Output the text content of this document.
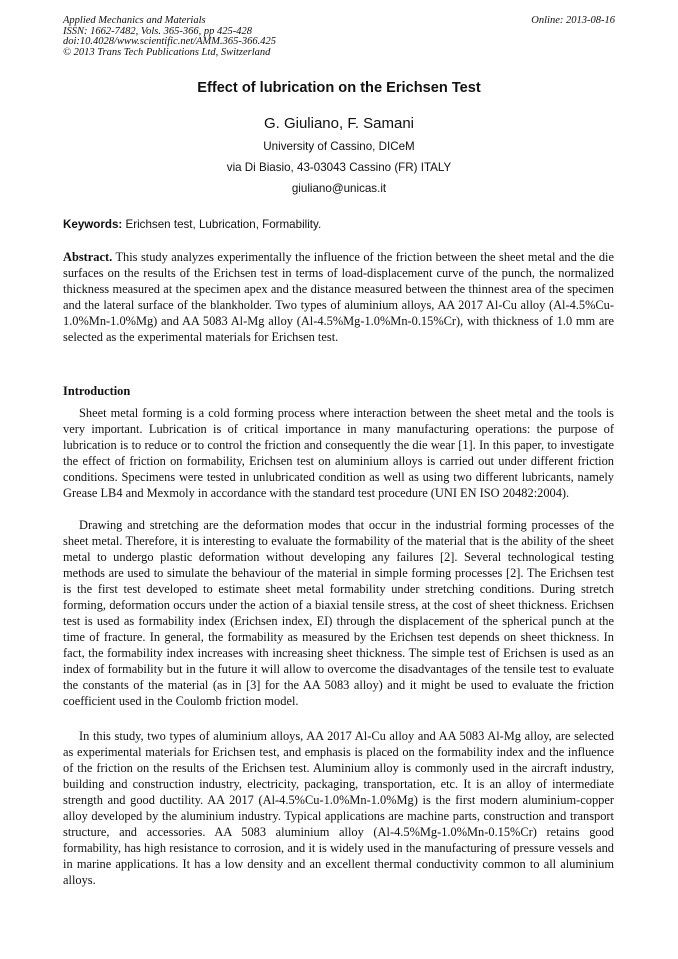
Applied Mechanics and Materials
ISSN: 1662-7482, Vols. 365-366, pp 425-428
doi:10.4028/www.scientific.net/AMM.365-366.425
© 2013 Trans Tech Publications Ltd, Switzerland
Online: 2013-08-16
Effect of lubrication on the Erichsen Test
G. Giuliano, F. Samani
University of Cassino, DICeM
via Di Biasio, 43-03043 Cassino (FR) ITALY
giuliano@unicas.it
Keywords: Erichsen test, Lubrication, Formability.
Abstract. This study analyzes experimentally the influence of the friction between the sheet metal and the die surfaces on the results of the Erichsen test in terms of load-displacement curve of the punch, the normalized thickness measured at the specimen apex and the distance measured between the thinnest area of the specimen and the lateral surface of the blankholder. Two types of aluminium alloys, AA 2017 Al-Cu alloy (Al-4.5%Cu-1.0%Mn-1.0%Mg) and AA 5083 Al-Mg alloy (Al-4.5%Mg-1.0%Mn-0.15%Cr), with thickness of 1.0 mm are selected as the experimental materials for Erichsen test.
Introduction

Sheet metal forming is a cold forming process where interaction between the sheet metal and the tools is very important. Lubrication is of critical importance in many manufacturing operations: the purpose of lubrication is to reduce or to control the friction and consequently the die wear [1]. In this paper, to investigate the effect of friction on formability, Erichsen test on aluminium alloys is carried out under different friction conditions. Specimens were tested in unlubricated condition as well as using two different lubricants, namely Grease LB4 and Mexmoly in accordance with the standard test procedure (UNI EN ISO 20482:2004).

Drawing and stretching are the deformation modes that occur in the industrial forming processes of the sheet metal. Therefore, it is interesting to evaluate the formability of the material that is the ability of the sheet metal to undergo plastic deformation without developing any failures [2]. Several technological testing methods are used to simulate the behaviour of the material in simple forming processes [2]. The Erichsen test is the first test developed to estimate sheet metal formability under stretching conditions. During stretch forming, deformation occurs under the action of a biaxial tensile stress, at the cost of sheet thickness. Erichsen test is used as formability index (Erichsen index, EI) through the displacement of the spherical punch at the time of fracture. In general, the formability as measured by the Erichsen test depends on sheet thickness. In fact, the formability index increases with increasing sheet thickness. The simple test of Erichsen is used as an index of formability but in the future it will allow to overcome the disadvantages of the tensile test to evaluate the constants of the material (as in [3] for the AA 5083 alloy) and it might be used to evaluate the friction coefficient used in the Coulomb friction model.

In this study, two types of aluminium alloys, AA 2017 Al-Cu alloy and AA 5083 Al-Mg alloy, are selected as experimental materials for Erichsen test, and emphasis is placed on the formability index and the influence of the friction on the results of the Erichsen test. Aluminium alloy is commonly used in the aircraft industry, building and construction industry, electricity, packaging, transportation, etc. It is an alloy of intermediate strength and good ductility. AA 2017 (Al-4.5%Cu-1.0%Mn-1.0%Mg) is the first modern aluminium-copper alloy developed by the aluminium industry. Typical applications are machine parts, construction and transport structure, and accessories. AA 5083 aluminium alloy (Al-4.5%Mg-1.0%Mn-0.15%Cr) retains good formability, has high resistance to corrosion, and it is widely used in the manufacturing of pressure vessels and in marine applications. It has a low density and an excellent thermal conductivity common to all aluminium alloys.
